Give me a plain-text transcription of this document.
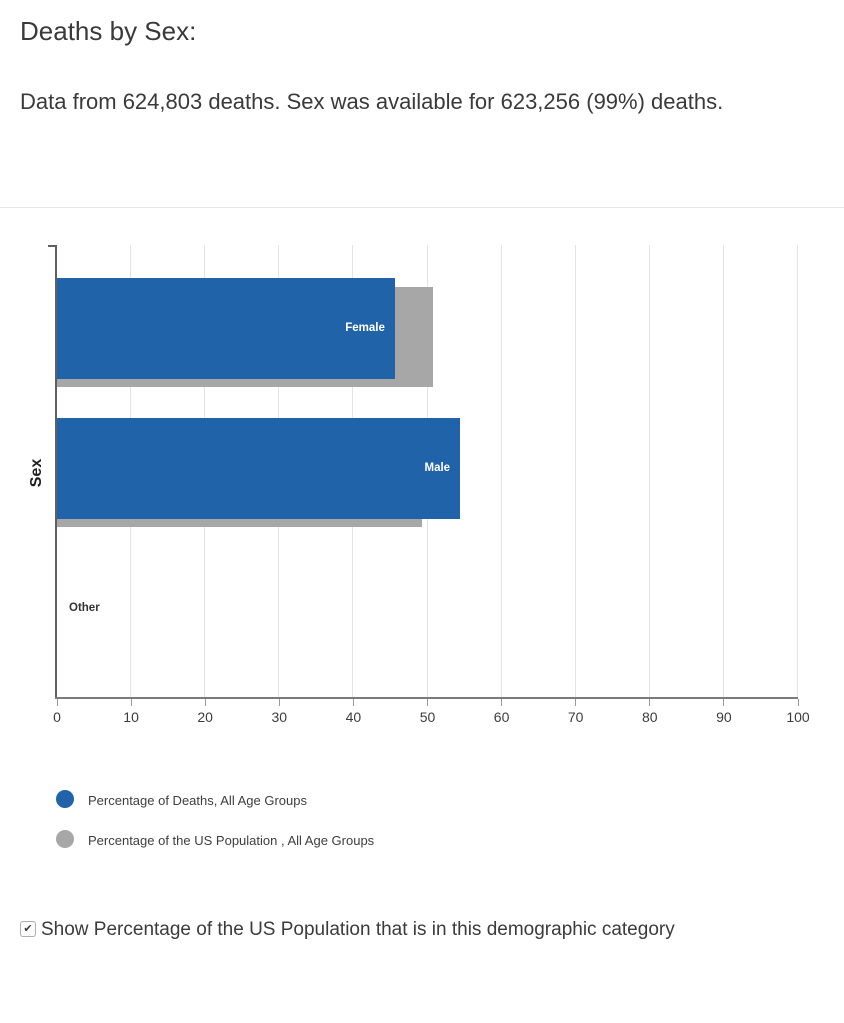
Deaths by Sex:

Data from 624,803 deaths. Sex was available for 623,256 (99%) deaths.

Sex
0	10	20	30	40	50	60	70	80	90	100
Female
Male
Other
Percentage of Deaths, All Age Groups
Percentage of the US Population , All Age Groups
✔ Show Percentage of the US Population that is in this demographic category
